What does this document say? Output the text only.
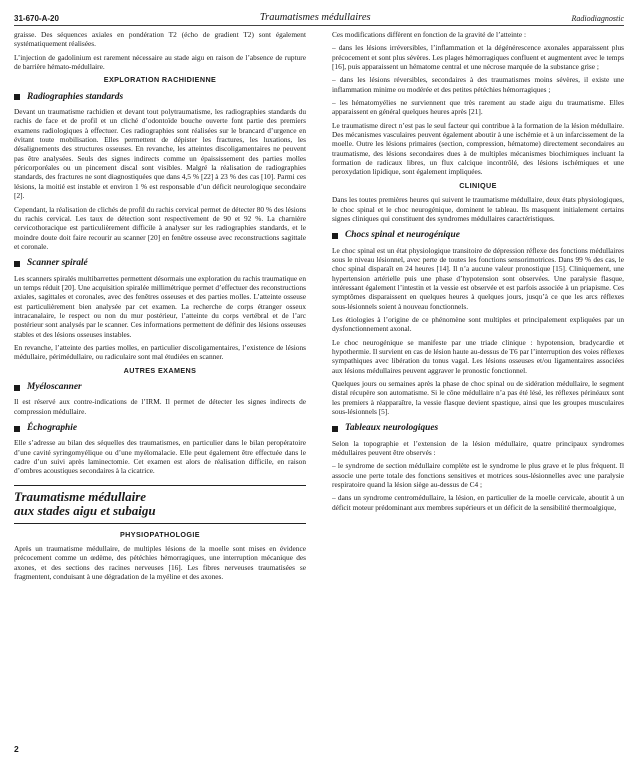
31-670-A-20	Traumatismes médullaires	Radiodiagnostic

graisse. Des séquences axiales en pondération T2 (écho de gradient T2) sont également systématiquement réalisées.

L’injection de gadolinium est rarement nécessaire au stade aigu en raison de l’absence de rupture de barrière hémato-médullaire.

EXPLORATION RACHIDIENNE
Radiographies standards

Devant un traumatisme rachidien et devant tout polytraumatisme, les radiographies standards du rachis de face et de profil et un cliché d’odontoïde bouche ouverte font partie des premiers examens radiologiques à effectuer. Ces radiographies sont réalisées sur le brancard d’urgence en évitant toute mobilisation. Elles permettent de dépister les fractures, les luxations, les désalignements des structures osseuses. En revanche, les atteintes discoligamentaires ne peuvent pas être analysées. Seuls des signes indirects comme un épaississement des parties molles péricorporéales ou un pincement discal sont visibles. Malgré la réalisation de radiographies standards, des fractures ne sont diagnostiquées que dans 4,5 % [22] à 23 % des cas [10]. Parmi ces lésions, la moitié est instable et environ 1 % est responsable d’un déficit neurologique secondaire [2].

Cependant, la réalisation de clichés de profil du rachis cervical permet de détecter 80 % des lésions du rachis cervical. Les taux de détection sont respectivement de 90 et 92 %. La charnière cervicothoracique est particulièrement difficile à analyser sur les radiographies standards, et le moindre doute doit faire recourir au scanner [20] en fenêtre osseuse avec reconstructions sagittale et coronale.

Scanner spiralé

Les scanners spiralés multibarrettes permettent désormais une exploration du rachis traumatique en un temps réduit [20]. Une acquisition spiralée millimétrique permet d’effectuer des reconstructions axiales, sagittales et coronales, avec des fenêtres osseuses et des parties molles. L’atteinte osseuse est particulièrement bien analysée par cet examen. La recherche de corps étranger osseux intracanalaire, le respect ou non du mur postérieur, l’atteinte du corps vertébral et de l’arc postérieur sont analysés par le scanner. Ces informations permettent de définir des lésions osseuses stables et des lésions osseuses instables.

En revanche, l’atteinte des parties molles, en particulier discoligamentaires, l’existence de lésions médullaire, périmédullaire, ou radiculaire sont mal étudiées en scanner.

AUTRES EXAMENS
Myéloscanner

Il est réservé aux contre-indications de l’IRM. Il permet de détecter les signes indirects de compression médullaire.

Échographie

Elle s’adresse au bilan des séquelles des traumatismes, en particulier dans le bilan peropératoire d’une cavité syringomyélique ou d’une myélomalacie. Elle peut également être effectuée dans le cadre d’un suivi après laminectomie. Cet examen est alors de réalisation difficile, en raison d’ombres acoustiques secondaires à la cicatrice.

Traumatisme médullaire
aux stades aigu et subaigu
PHYSIOPATHOLOGIE

Après un traumatisme médullaire, de multiples lésions de la moelle sont mises en évidence précocement comme un œdème, des pétéchies hémorragiques, une interruption mécanique des axones, et des sections des racines nerveuses [16]. Les fibres nerveuses traumatisées se fragmentent, conduisant à une dégradation de la myéline et des axones.

Ces modifications diffèrent en fonction de la gravité de l’atteinte :

– dans les lésions irréversibles, l’inflammation et la dégénérescence axonales apparaissent plus précocement et sont plus sévères. Les plages hémorragiques confluent et augmentent avec le temps [16], puis apparaissent un hématome central et une nécrose marquée de la substance grise ;

– dans les lésions réversibles, secondaires à des traumatismes moins sévères, il existe une inflammation minime ou modérée et des petites pétéchies hémorragiques ;

– les hématomyélies ne surviennent que très rarement au stade aigu du traumatisme. Elles apparaissent en général quelques heures après [21].

Le traumatisme direct n’est pas le seul facteur qui contribue à la formation de la lésion médullaire. Des mécanismes vasculaires peuvent également aboutir à une ischémie et à un infarcissement de la moelle. Outre les lésions primaires (section, compression, hématome) directement secondaires au traumatisme, des lésions secondaires dues à de multiples mécanismes biochimiques incluant la formation de radicaux libres, un flux calcique incontrôlé, des lésions ischémiques et une peroxydation lipidique, sont également impliquées.

CLINIQUE

Dans les toutes premières heures qui suivent le traumatisme médullaire, deux états physiologiques, le choc spinal et le choc neurogénique, dominent le tableau. Ils masquent initialement certains signes cliniques qui constituent des syndromes médullaires caractéristiques.

Chocs spinal et neurogénique

Le choc spinal est un état physiologique transitoire de dépression réflexe des fonctions médullaires sous le niveau lésionnel, avec perte de toutes les fonctions sensorimotrices. Dans 99 % des cas, le choc spinal disparaît en 24 heures [14]. Il n’a aucune valeur pronostique [15]. Cliniquement, une hypertension artérielle puis une phase d’hypotension sont observées. Une paralysie flasque, intéressant également l’intestin et la vessie est observée et est parfois associée à un priapisme. Ces symptômes disparaissent en quelques heures à quelques jours, jusqu’à ce que les arcs réflexes sous-lésionnels soient à nouveau fonctionnels.

Les étiologies à l’origine de ce phénomène sont multiples et principalement expliquées par un dysfonctionnement axonal.

Le choc neurogénique se manifeste par une triade clinique : hypotension, bradycardie et hypothermie. Il survient en cas de lésion haute au-dessus de T6 par l’interruption des voies réflexes sympathiques avec libération du tonus vagal. Les lésions osseuses et/ou ligamentaires associées aux lésions médullaires peuvent aggraver le pronostic fonctionnel.

Quelques jours ou semaines après la phase de choc spinal ou de sidération médullaire, le segment distal récupère son automatisme. Si le cône médullaire n’a pas été lésé, les réflexes périnéaux sont les premiers à réapparaître, la vessie flasque devient spastique, ainsi que les groupes musculaires sous-lésionnels [5].

Tableaux neurologiques

Selon la topographie et l’extension de la lésion médullaire, quatre principaux syndromes médullaires peuvent être observés :

– le syndrome de section médullaire complète est le syndrome le plus grave et le plus fréquent. Il associe une perte totale des fonctions sensitives et motrices sous-lésionnelles avec une paralysie respiratoire quand la lésion siège au-dessus de C4 ;

– dans un syndrome centromédullaire, la lésion, en particulier de la moelle cervicale, aboutit à un déficit moteur prédominant aux membres supérieurs et un déficit de la sensibilité thermoalgique,

2
